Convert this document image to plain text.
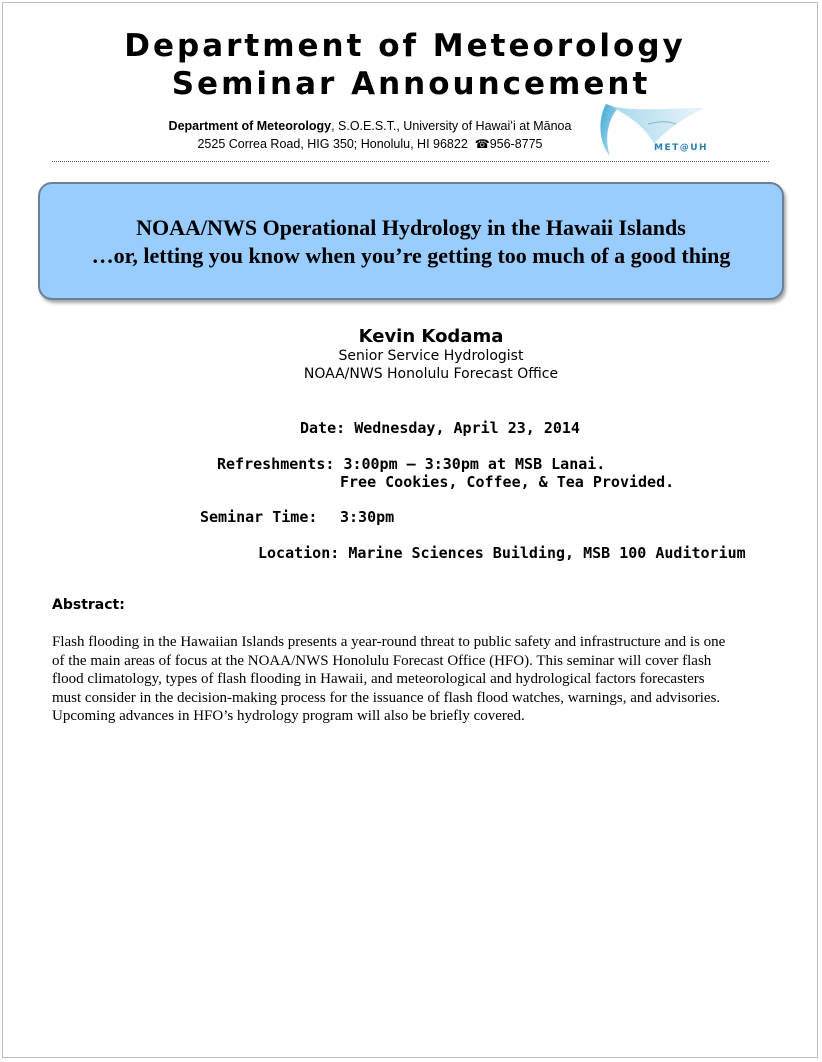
Department of Meteorology
Seminar Announcement
Department of Meteorology, S.O.E.S.T., University of Hawaiʻi at Mānoa
2525 Correa Road, HIG 350; Honolulu, HI 96822 ☎956-8775	MET@UH
NOAA/NWS Operational Hydrology in the Hawaii Islands
…or, letting you know when you’re getting too much of a good thing
Kevin Kodama
Senior Service Hydrologist
NOAA/NWS Honolulu Forecast Office
Date: Wednesday, April 23, 2014
Refreshments: 3:00pm – 3:30pm at MSB Lanai.
Free Cookies, Coffee, & Tea Provided.
Seminar Time: 3:30pm
Location: Marine Sciences Building, MSB 100 Auditorium
Abstract:
Flash flooding in the Hawaiian Islands presents a year-round threat to public safety and infrastructure and is one
of the main areas of focus at the NOAA/NWS Honolulu Forecast Office (HFO). This seminar will cover flash
flood climatology, types of flash flooding in Hawaii, and meteorological and hydrological factors forecasters
must consider in the decision-making process for the issuance of flash flood watches, warnings, and advisories.
Upcoming advances in HFO’s hydrology program will also be briefly covered.
